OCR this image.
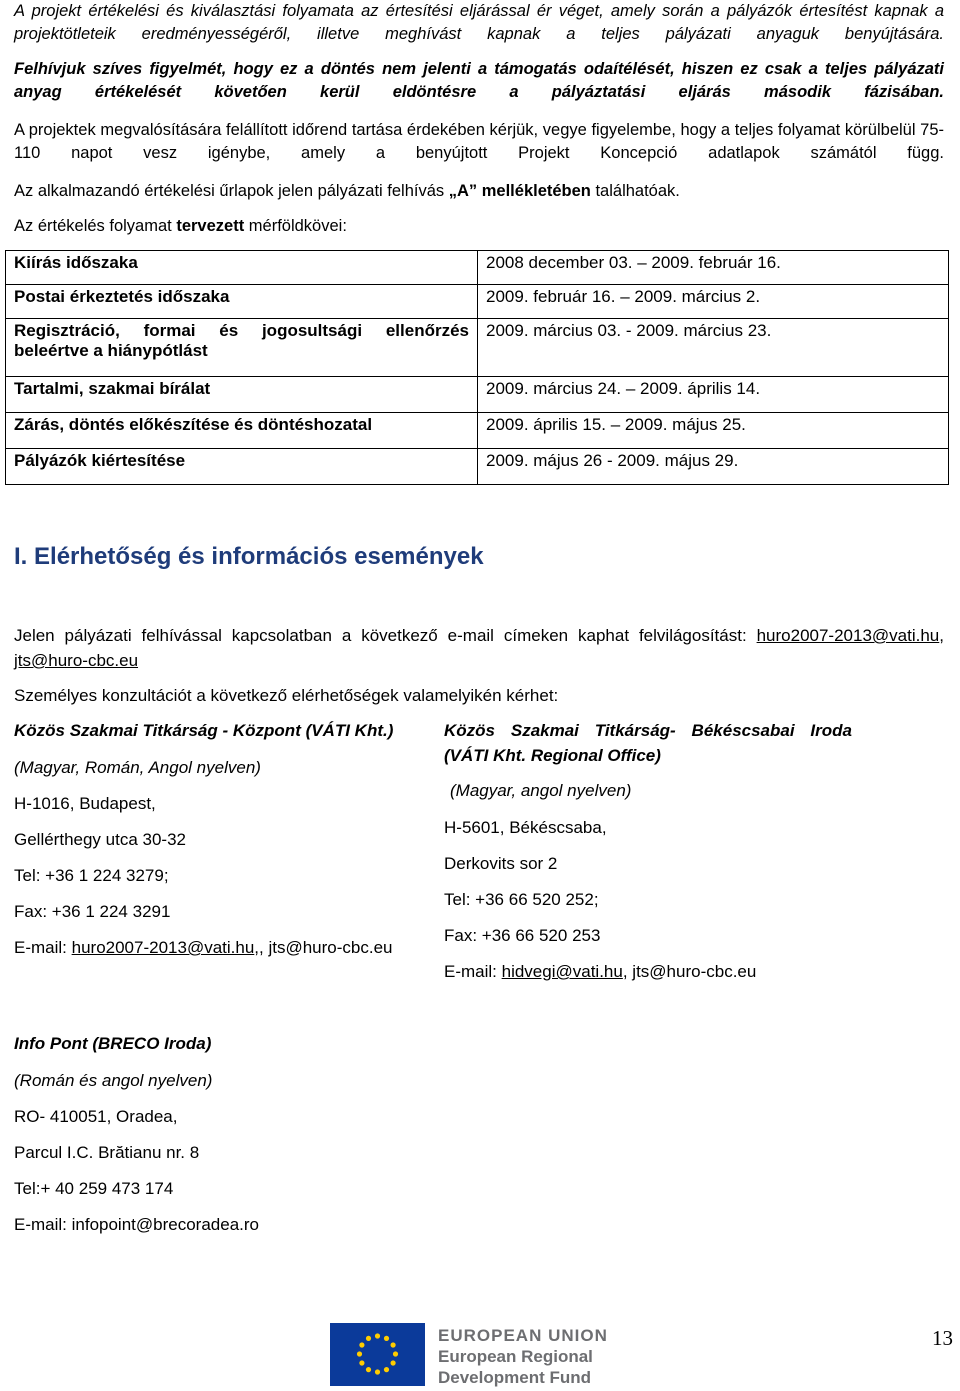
A projekt értékelési és kiválasztási folyamata az értesítési eljárással ér véget, amely során a pályázók értesítést kapnak a projektötleteik eredményességéről, illetve meghívást kapnak a teljes pályázati anyaguk benyújtására.
Felhívjuk szíves figyelmét, hogy ez a döntés nem jelenti a támogatás odaítélését, hiszen ez csak a teljes pályázati anyag értékelését követően kerül eldöntésre a pályáztatási eljárás második fázisában.
A projektek megvalósítására felállított időrend tartása érdekében kérjük, vegye figyelembe, hogy a teljes folyamat körülbelül 75-110 napot vesz igénybe, amely a benyújtott Projekt Koncepció adatlapok számától függ.
Az alkalmazandó értékelési űrlapok jelen pályázati felhívás „A” mellékletében találhatóak.
Az értékelés folyamat tervezett mérföldkövei:
Kiírás időszaka	2008 december 03. – 2009. február 16.
Postai érkeztetés időszaka	2009. február 16. – 2009. március 2.
Regisztráció, formai és jogosultsági ellenőrzés beleértve a hiánypótlást	2009. március 03. - 2009. március 23.
Tartalmi, szakmai bírálat	2009. március 24. – 2009. április 14.
Zárás, döntés előkészítése és döntéshozatal	2009. április 15. – 2009. május 25.
Pályázók kiértesítése	2009. május 26 - 2009. május 29.
I. Elérhetőség és információs események
Jelen pályázati felhívással kapcsolatban a következő e-mail címeken kaphat felvilágosítást: huro2007-2013@vati.hu,
jts@huro-cbc.eu
Személyes konzultációt a következő elérhetőségek valamelyikén kérhet:
Közös Szakmai Titkárság - Központ (VÁTI Kht.)
(Magyar, Román, Angol nyelven)
H-1016, Budapest,
Gellérthegy utca 30-32
Tel: +36 1 224 3279;
Fax: +36 1 224 3291
E-mail: huro2007-2013@vati.hu,, jts@huro-cbc.eu
Közös Szakmai Titkárság- Békéscsabai Iroda
(VÁTI Kht. Regional Office)
(Magyar, angol nyelven)
H-5601, Békéscsaba,
Derkovits sor 2
Tel: +36 66 520 252;
Fax: +36 66 520 253
E-mail: hidvegi@vati.hu, jts@huro-cbc.eu
Info Pont (BRECO Iroda)
(Román és angol nyelven)
RO- 410051, Oradea,
Parcul I.C. Brătianu nr. 8
Tel:+ 40 259 473 174
E-mail: infopoint@brecoradea.ro
EUROPEAN UNION
European Regional
Development Fund
13
